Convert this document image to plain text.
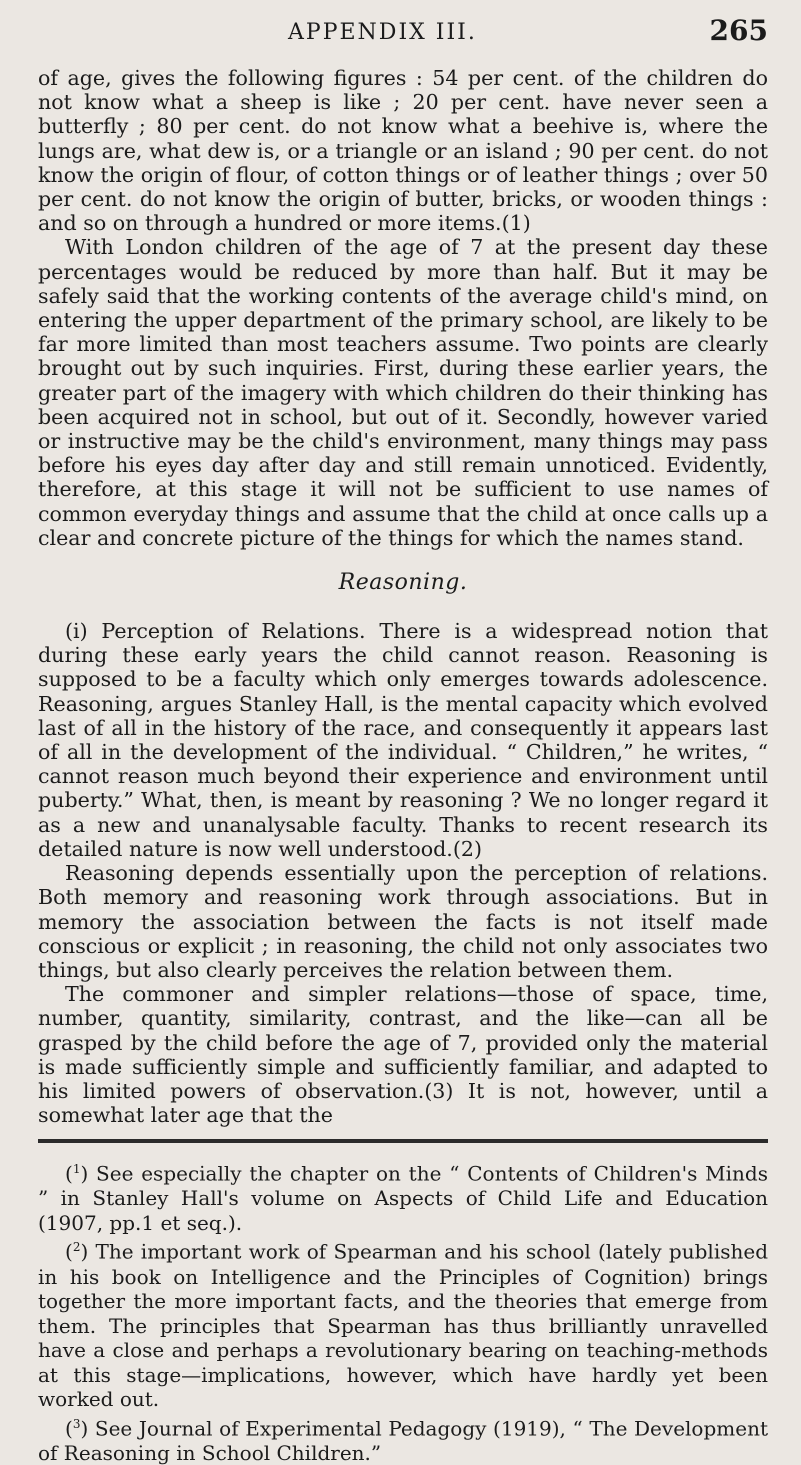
APPENDIX III.	265

of age, gives the following figures : 54 per cent. of the children do not know what a sheep is like ; 20 per cent. have never seen a butterfly ; 80 per cent. do not know what a beehive is, where the lungs are, what dew is, or a triangle or an island ; 90 per cent. do not know the origin of flour, of cotton things or of leather things ; over 50 per cent. do not know the origin of butter, bricks, or wooden things : and so on through a hundred or more items.(1)

With London children of the age of 7 at the present day these percentages would be reduced by more than half. But it may be safely said that the working contents of the average child's mind, on entering the upper department of the primary school, are likely to be far more limited than most teachers assume. Two points are clearly brought out by such inquiries. First, during these earlier years, the greater part of the imagery with which children do their thinking has been acquired not in school, but out of it. Secondly, however varied or instructive may be the child's environment, many things may pass before his eyes day after day and still remain unnoticed. Evidently, therefore, at this stage it will not be sufficient to use names of common everyday things and assume that the child at once calls up a clear and concrete picture of the things for which the names stand.

Reasoning.

(i) Perception of Relations. There is a widespread notion that during these early years the child cannot reason. Reasoning is supposed to be a faculty which only emerges towards adolescence. Reasoning, argues Stanley Hall, is the mental capacity which evolved last of all in the history of the race, and consequently it appears last of all in the development of the individual. “ Children,” he writes, “ cannot reason much beyond their experience and environment until puberty.” What, then, is meant by reasoning ? We no longer regard it as a new and unanalysable faculty. Thanks to recent research its detailed nature is now well understood.(2)

Reasoning depends essentially upon the perception of relations. Both memory and reasoning work through associations. But in memory the association between the facts is not itself made conscious or explicit ; in reasoning, the child not only associates two things, but also clearly perceives the relation between them.

The commoner and simpler relations—those of space, time, number, quantity, similarity, contrast, and the like—can all be grasped by the child before the age of 7, provided only the material is made sufficiently simple and sufficiently familiar, and adapted to his limited powers of observation.(3) It is not, however, until a somewhat later age that the

($^1$) See especially the chapter on the “ Contents of Children's Minds ” in Stanley Hall's volume on Aspects of Child Life and Education (1907, pp.1 et seq.).

($^2$) The important work of Spearman and his school (lately published in his book on Intelligence and the Principles of Cognition) brings together the more important facts, and the theories that emerge from them. The principles that Spearman has thus brilliantly unravelled have a close and perhaps a revolutionary bearing on teaching-methods at this stage—implications, however, which have hardly yet been worked out.

($^3$) See Journal of Experimental Pedagogy (1919), “ The Development of Reasoning in School Children.”
